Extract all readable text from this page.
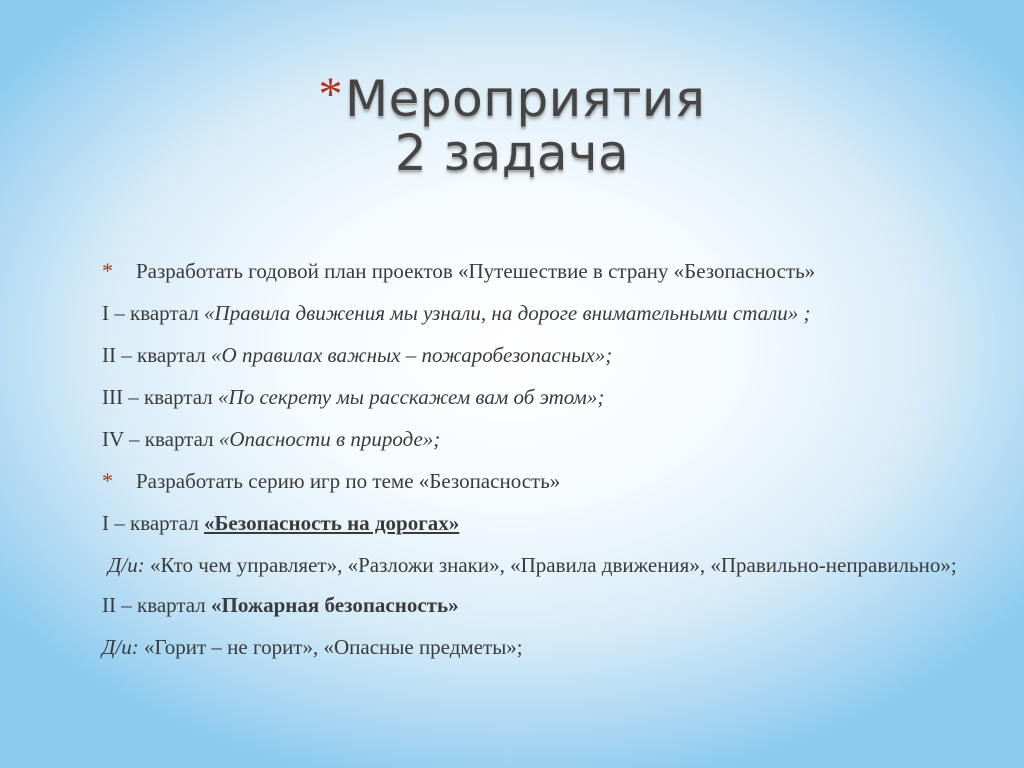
*Мероприятия
2 задача
* Разработать годовой план проектов «Путешествие в страну «Безопасность»
I – квартал «Правила движения мы узнали, на дороге внимательными стали» ;
II – квартал «О правилах важных – пожаробезопасных»;
III – квартал «По секрету мы расскажем вам об этом»;
IV – квартал «Опасности в природе»;
* Разработать серию игр по теме «Безопасность»
I – квартал «Безопасность на дорогах»
Д/и: «Кто чем управляет», «Разложи знаки», «Правила движения», «Правильно-неправильно»;
II – квартал «Пожарная безопасность»
Д/и: «Горит – не горит», «Опасные предметы»;
